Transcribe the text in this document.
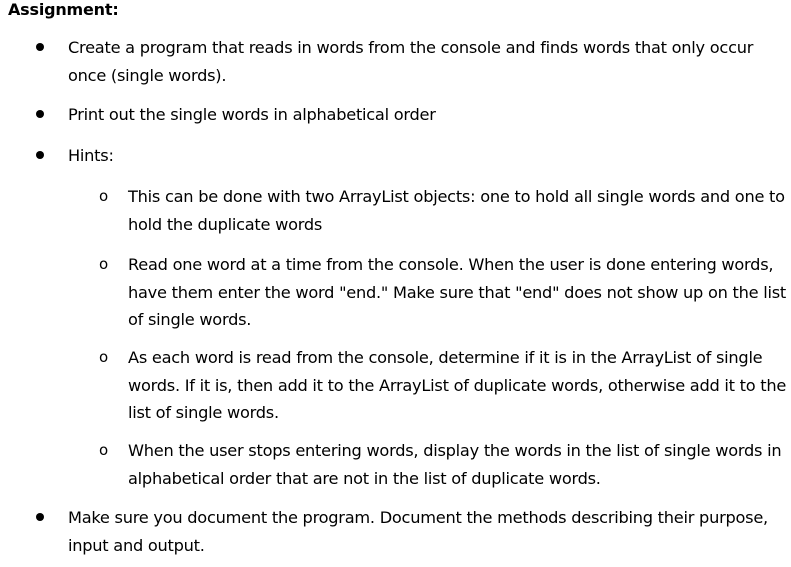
Assignment:
Create a program that reads in words from the console and finds words that only occur once (single words).
Print out the single words in alphabetical order
Hints:
o This can be done with two ArrayList objects: one to hold all single words and one to hold the duplicate words
o Read one word at a time from the console. When the user is done entering words, have them enter the word "end." Make sure that "end" does not show up on the list of single words.
o As each word is read from the console, determine if it is in the ArrayList of single words. If it is, then add it to the ArrayList of duplicate words, otherwise add it to the list of single words.
o When the user stops entering words, display the words in the list of single words in alphabetical order that are not in the list of duplicate words.
Make sure you document the program. Document the methods describing their purpose, input and output.
